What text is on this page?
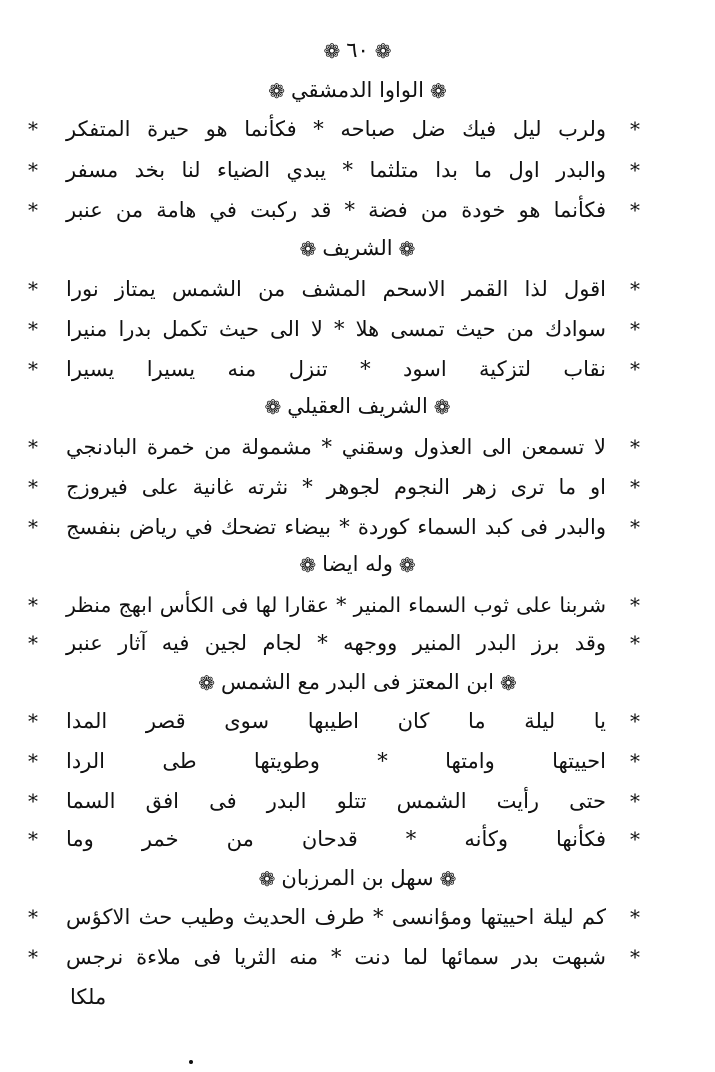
❁٦٠❁
❁الواوا الدمشقي❁
*
ولرب ليل فيك ضل صباحه * فكأنما هو حيرة المتفكر
*
*
والبدر اول ما بدا متلثما * يبدي الضياء لنا بخد مسفر
*
*
فكأنما هو خودة من فضة * قد ركبت في هامة من عنبر
*
❁الشريف❁
*
اقول لذا القمر الاسحم المشف من الشمس يمتاز نورا
*
*
سوادك من حيث تمسى هلا * لا الى حيث تكمل بدرا منيرا
*
*
نقاب لتزكية اسود * تنزل منه يسيرا يسيرا
*
❁الشريف العقيلي❁
*
لا تسمعن الى العذول وسقني * مشمولة من خمرة البادنجي
*
*
او ما ترى زهر النجوم لجوهر * نثرته غانية على فيروزج
*
*
والبدر فى كبد السماء كوردة * بيضاء تضحك في رياض بنفسج
*
❁وله ايضا❁
*
شربنا على ثوب السماء المنير * عقارا لها فى الكأس ابهج منظر
*
*
وقد برز البدر المنير ووجهه * لجام لجين فيه آثار عنبر
*
❁ابن المعتز فى البدر مع الشمس❁
*
يا ليلة ما كان اطيبها سوى قصر المدا
*
*
احييتها وامتها * وطويتها طى الردا
*
*
حتى رأيت الشمس تتلو البدر فى افق السما
*
*
فكأنها وكأنه * قدحان من خمر وما
*
❁سهل بن المرزبان❁
*
كم ليلة احييتها ومؤانسى * طرف الحديث وطيب حث الاكؤس
*
*
شبهت بدر سمائها لما دنت * منه الثريا فى ملاءة نرجس
*
ملكا
